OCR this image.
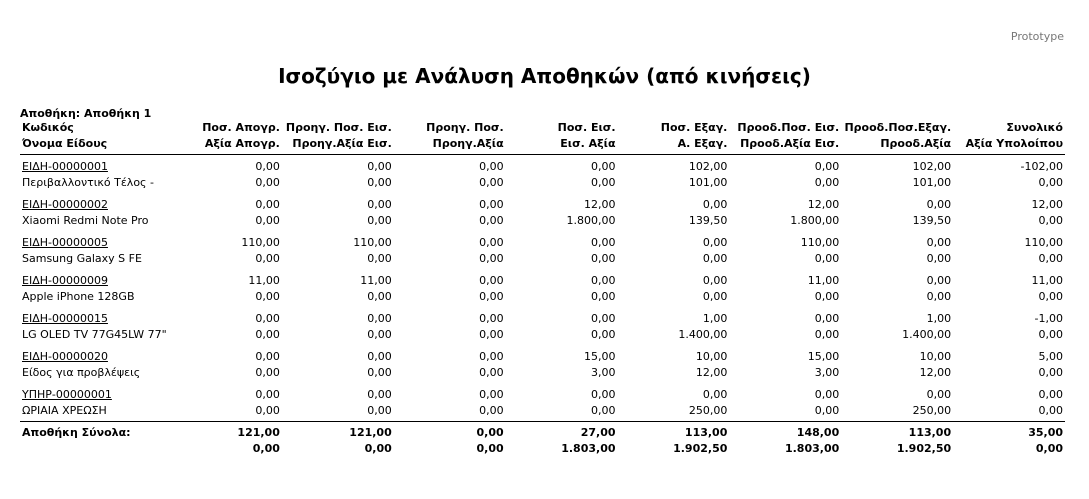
Prototype
Ισοζύγιο με Ανάλυση Αποθηκών (από κινήσεις)
Αποθήκη: Αποθήκη 1
Κωδικός	Ποσ. Απογρ.	Προηγ. Ποσ. Εισ.	Προηγ. Ποσ.	Ποσ. Εισ.	Ποσ. Εξαγ.	Προοδ.Ποσ. Εισ.	Προοδ.Ποσ.Εξαγ.	Συνολικό
Όνομα Είδους	Αξία Απογρ.	Προηγ.Αξία Εισ.	Προηγ.Αξία	Εισ. Αξία	Α. Εξαγ.	Προοδ.Αξία Εισ.	Προοδ.Αξία	Αξία Υπολοίπου
ΕΙΔΗ-00000001	0,00	0,00	0,00	0,00	102,00	0,00	102,00	-102,00
Περιβαλλοντικό Τέλος -	0,00	0,00	0,00	0,00	101,00	0,00	101,00	0,00
ΕΙΔΗ-00000002	0,00	0,00	0,00	12,00	0,00	12,00	0,00	12,00
Xiaomi Redmi Note Pro	0,00	0,00	0,00	1.800,00	139,50	1.800,00	139,50	0,00
ΕΙΔΗ-00000005	110,00	110,00	0,00	0,00	0,00	110,00	0,00	110,00
Samsung Galaxy S FE	0,00	0,00	0,00	0,00	0,00	0,00	0,00	0,00
ΕΙΔΗ-00000009	11,00	11,00	0,00	0,00	0,00	11,00	0,00	11,00
Apple iPhone 128GB	0,00	0,00	0,00	0,00	0,00	0,00	0,00	0,00
ΕΙΔΗ-00000015	0,00	0,00	0,00	0,00	1,00	0,00	1,00	-1,00
LG OLED TV 77G45LW 77"	0,00	0,00	0,00	0,00	1.400,00	0,00	1.400,00	0,00
ΕΙΔΗ-00000020	0,00	0,00	0,00	15,00	10,00	15,00	10,00	5,00
Είδος για προβλέψεις	0,00	0,00	0,00	3,00	12,00	3,00	12,00	0,00
ΥΠΗΡ-00000001	0,00	0,00	0,00	0,00	0,00	0,00	0,00	0,00
ΩΡΙΑΙΑ ΧΡΕΩΣΗ	0,00	0,00	0,00	0,00	250,00	0,00	250,00	0,00
Αποθήκη Σύνολα:	121,00	121,00	0,00	27,00	113,00	148,00	113,00	35,00
	0,00	0,00	0,00	1.803,00	1.902,50	1.803,00	1.902,50	0,00
